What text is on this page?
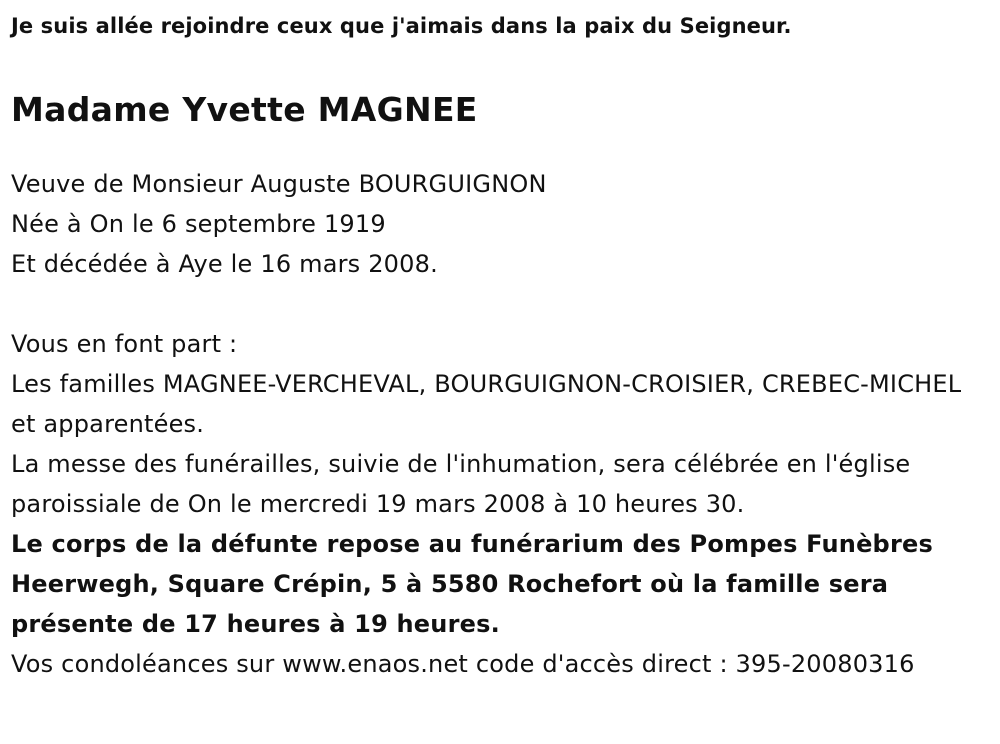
Je suis allée rejoindre ceux que j'aimais dans la paix du Seigneur.

Madame Yvette MAGNEE

Veuve de Monsieur Auguste BOURGUIGNON

Née à On le 6 septembre 1919

Et décédée à Aye le 16 mars 2008.

Vous en font part :

Les familles MAGNEE-VERCHEVAL, BOURGUIGNON-CROISIER, CREBEC-MICHEL et apparentées.

La messe des funérailles, suivie de l'inhumation, sera célébrée en l'église paroissiale de On le mercredi 19 mars 2008 à 10 heures 30.

Le corps de la défunte repose au funérarium des Pompes Funèbres Heerwegh, Square Crépin, 5 à 5580 Rochefort où la famille sera présente de 17 heures à 19 heures.

Vos condoléances sur www.enaos.net code d'accès direct : 395-20080316
